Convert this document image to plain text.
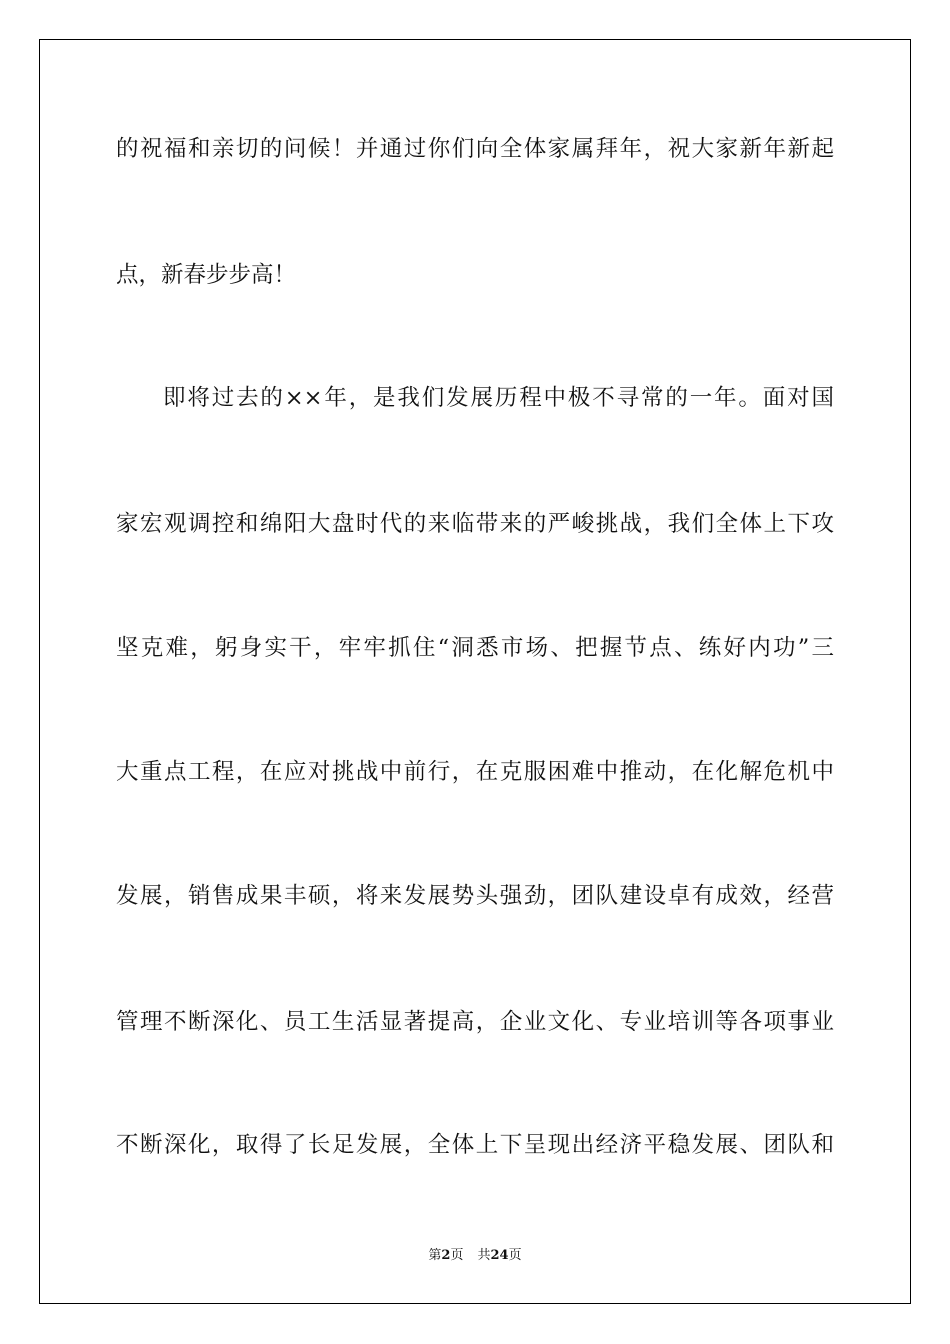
的祝福和亲切的问候！并通过你们向全体家属拜年，祝大家新年新起
点，新春步步高！
即将过去的××年，是我们发展历程中极不寻常的一年。面对国
家宏观调控和绵阳大盘时代的来临带来的严峻挑战，我们全体上下攻
坚克难，躬身实干，牢牢抓住“洞悉市场、把握节点、练好内功”三
大重点工程，在应对挑战中前行，在克服困难中推动，在化解危机中
发展，销售成果丰硕，将来发展势头强劲，团队建设卓有成效，经营
管理不断深化、员工生活显著提高，企业文化、专业培训等各项事业
不断深化，取得了长足发展，全体上下呈现出经济平稳发展、团队和
第2页 共24页
